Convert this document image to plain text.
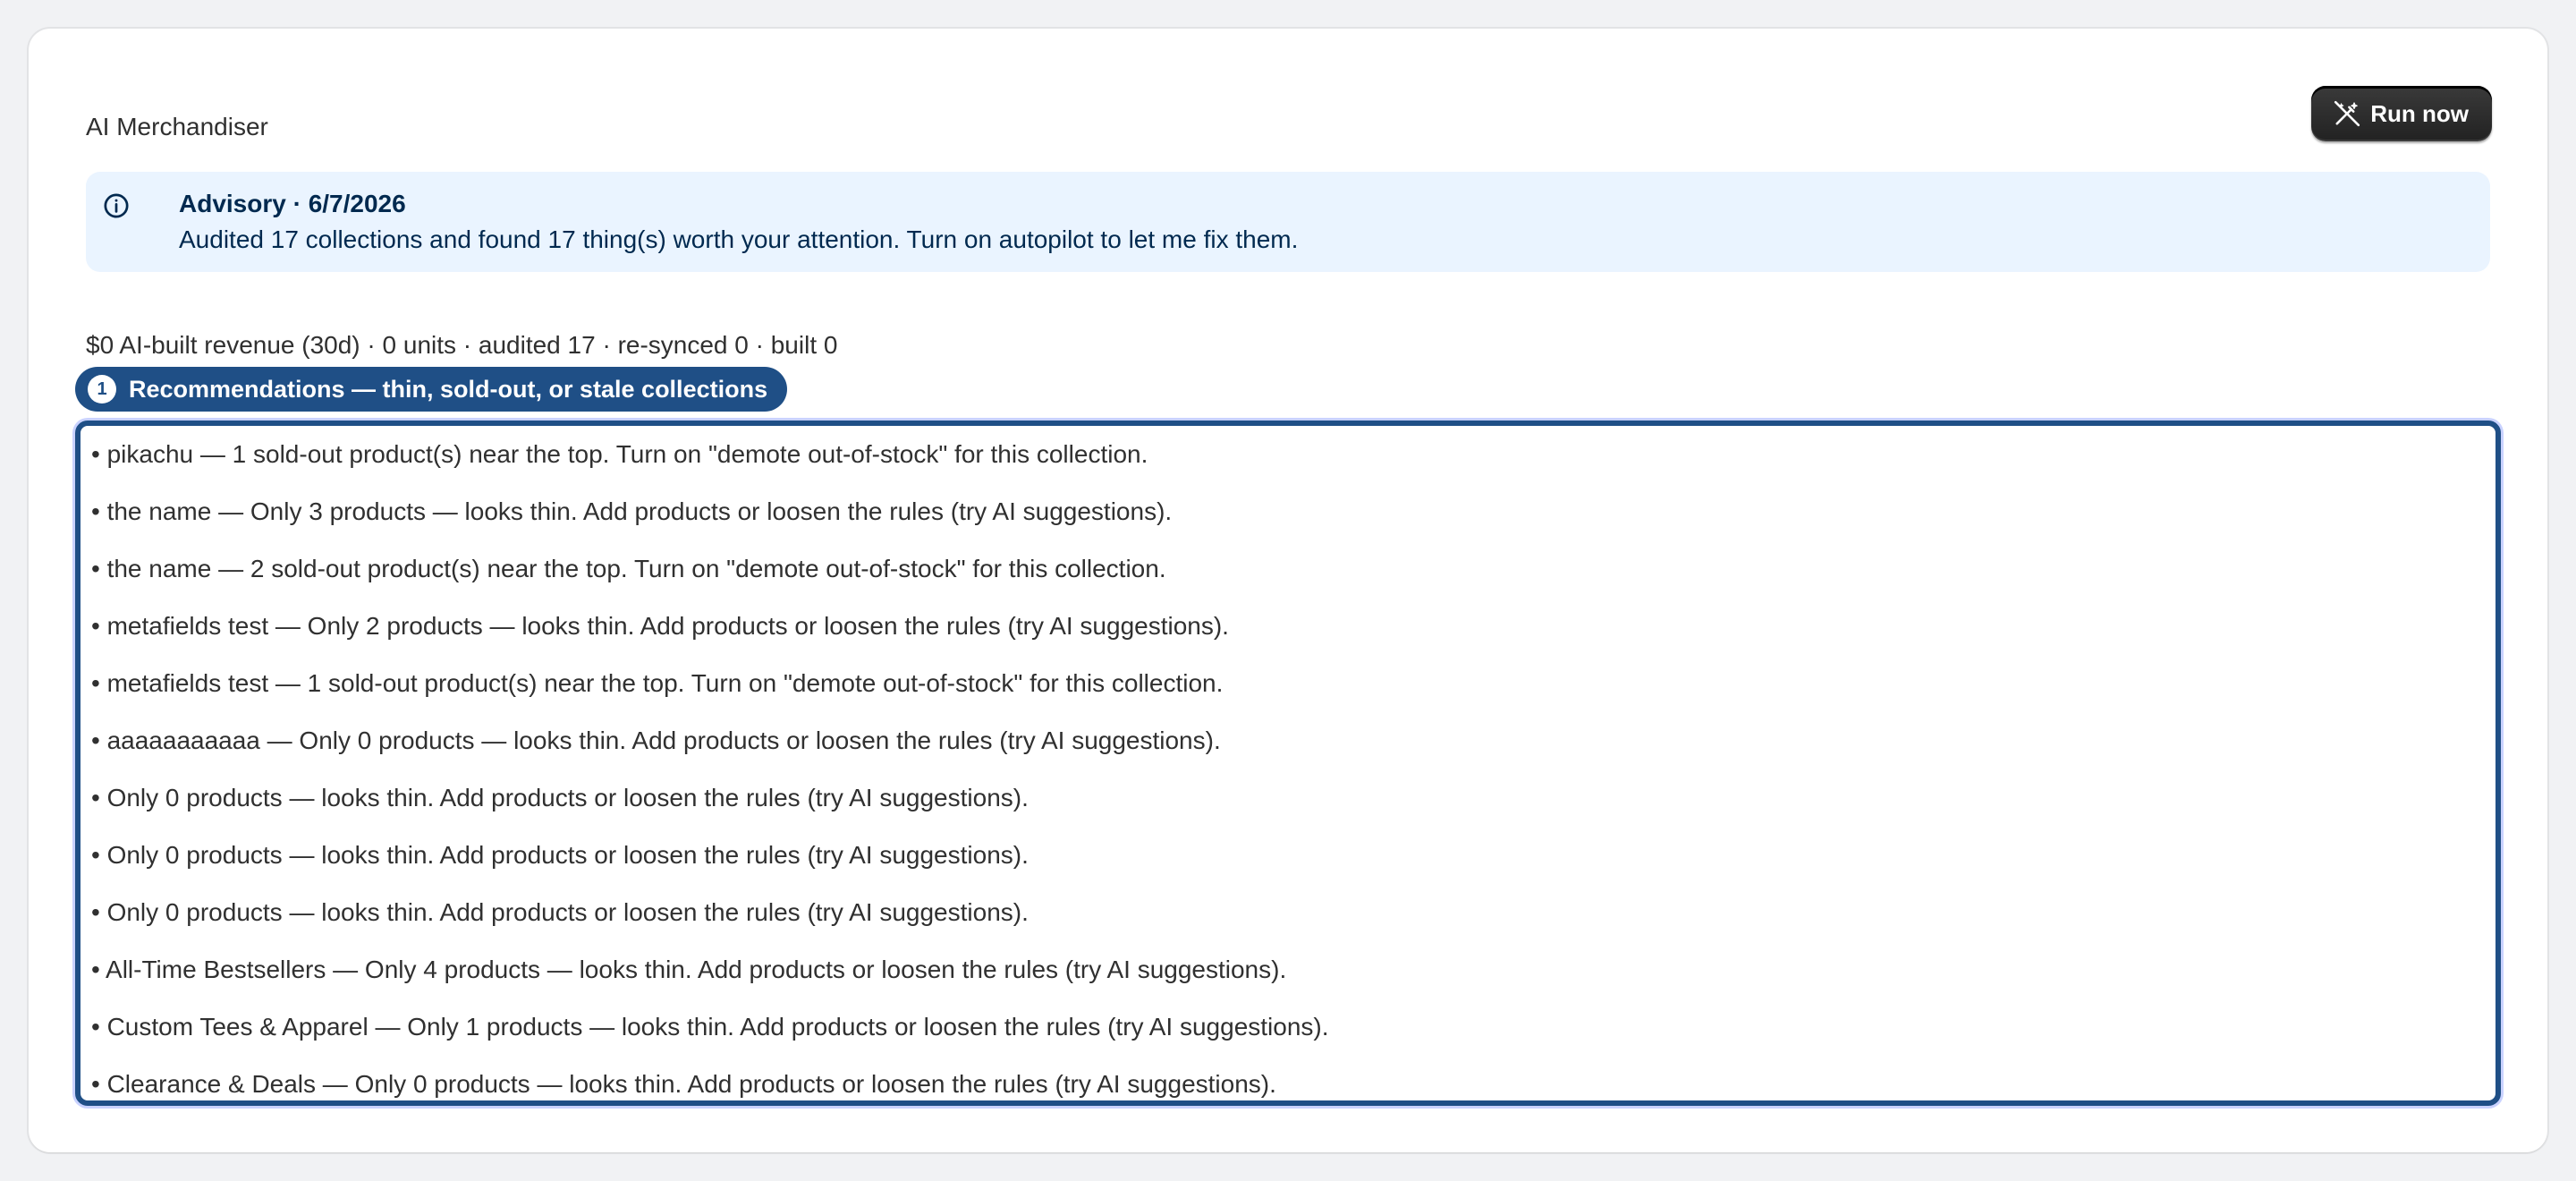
AI Merchandiser	Run now
Advisory · 6/7/2026
Audited 17 collections and found 17 thing(s) worth your attention. Turn on autopilot to let me fix them.
$0 AI-built revenue (30d) · 0 units · audited 17 · re-synced 0 · built 0
1 Recommendations — thin, sold-out, or stale collections
• pikachu — 1 sold-out product(s) near the top. Turn on "demote out-of-stock" for this collection.
• the name — Only 3 products — looks thin. Add products or loosen the rules (try AI suggestions).
• the name — 2 sold-out product(s) near the top. Turn on "demote out-of-stock" for this collection.
• metafields test — Only 2 products — looks thin. Add products or loosen the rules (try AI suggestions).
• metafields test — 1 sold-out product(s) near the top. Turn on "demote out-of-stock" for this collection.
• aaaaaaaaaaa — Only 0 products — looks thin. Add products or loosen the rules (try AI suggestions).
• Only 0 products — looks thin. Add products or loosen the rules (try AI suggestions).
• Only 0 products — looks thin. Add products or loosen the rules (try AI suggestions).
• Only 0 products — looks thin. Add products or loosen the rules (try AI suggestions).
• All-Time Bestsellers — Only 4 products — looks thin. Add products or loosen the rules (try AI suggestions).
• Custom Tees & Apparel — Only 1 products — looks thin. Add products or loosen the rules (try AI suggestions).
• Clearance & Deals — Only 0 products — looks thin. Add products or loosen the rules (try AI suggestions).
